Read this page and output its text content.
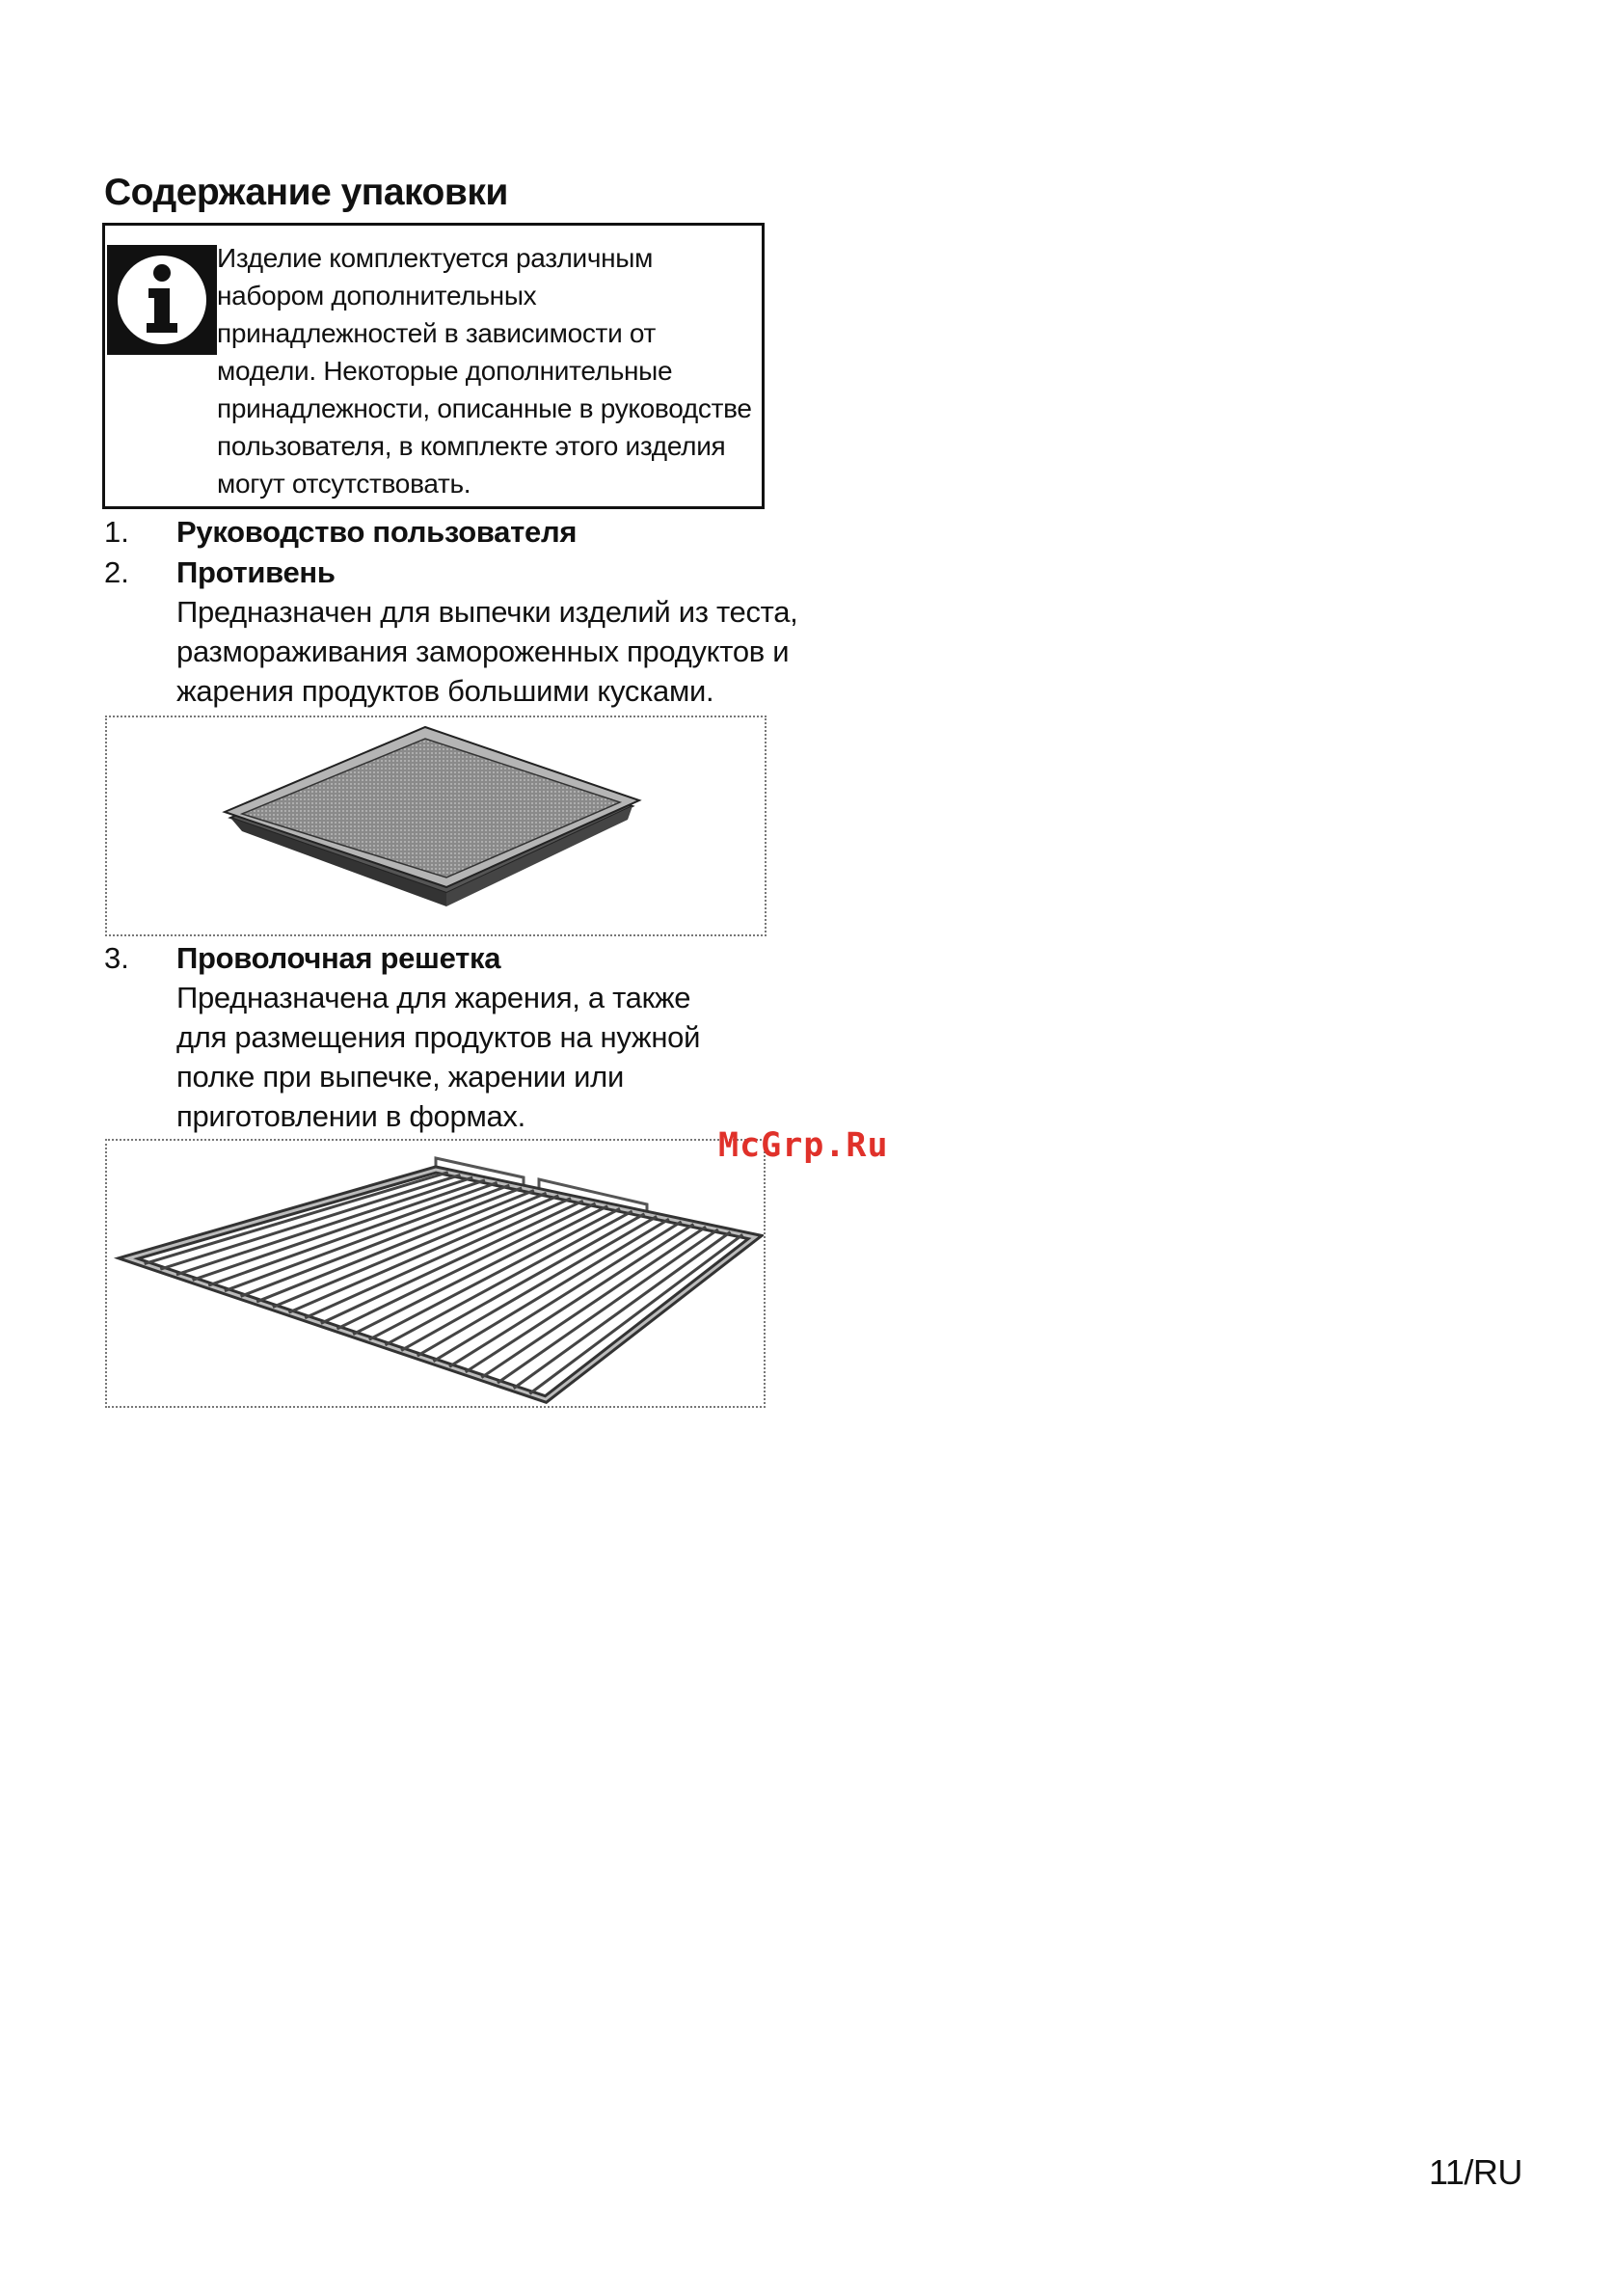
Содержание упаковки
Изделие комплектуется различным
набором дополнительных
принадлежностей в зависимости от
модели. Некоторые дополнительные
принадлежности, описанные в руководстве
пользователя, в комплекте этого изделия
могут отсутствовать.
1. Руководство пользователя
2. Противень
Предназначен для выпечки изделий из теста,
размораживания замороженных продуктов и
жарения продуктов большими кусками.
3. Проволочная решетка
Предназначена для жарения, а также
для размещения продуктов на нужной
полке при выпечке, жарении или
приготовлении в формах.
McGrp.Ru
11/RU
